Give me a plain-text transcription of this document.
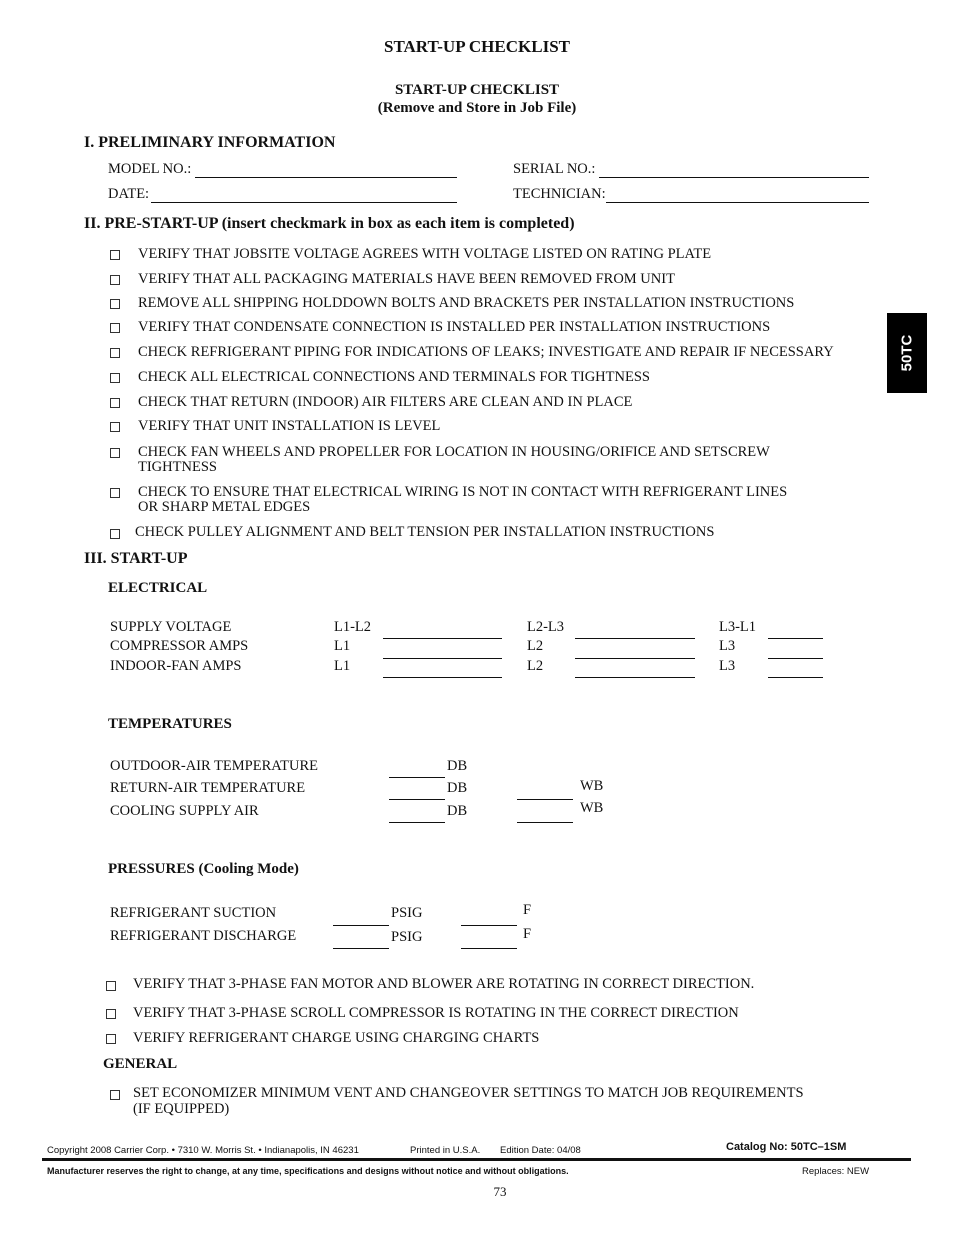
START-UP CHECKLIST
START-UP CHECKLIST
(Remove and Store in Job File)
50TC
I. PRELIMINARY INFORMATION
MODEL NO.:	SERIAL NO.:
DATE:	TECHNICIAN:
II. PRE-START-UP (insert checkmark in box as each item is completed)
VERIFY THAT JOBSITE VOLTAGE AGREES WITH VOLTAGE LISTED ON RATING PLATE
VERIFY THAT ALL PACKAGING MATERIALS HAVE BEEN REMOVED FROM UNIT
REMOVE ALL SHIPPING HOLDDOWN BOLTS AND BRACKETS PER INSTALLATION INSTRUCTIONS
VERIFY THAT CONDENSATE CONNECTION IS INSTALLED PER INSTALLATION INSTRUCTIONS
CHECK REFRIGERANT PIPING FOR INDICATIONS OF LEAKS; INVESTIGATE AND REPAIR IF NECESSARY
CHECK ALL ELECTRICAL CONNECTIONS AND TERMINALS FOR TIGHTNESS
CHECK THAT RETURN (INDOOR) AIR FILTERS ARE CLEAN AND IN PLACE
VERIFY THAT UNIT INSTALLATION IS LEVEL
CHECK FAN WHEELS AND PROPELLER FOR LOCATION IN HOUSING/ORIFICE AND SETSCREW
TIGHTNESS
CHECK TO ENSURE THAT ELECTRICAL WIRING IS NOT IN CONTACT WITH REFRIGERANT LINES
OR SHARP METAL EDGES
CHECK PULLEY ALIGNMENT AND BELT TENSION PER INSTALLATION INSTRUCTIONS
III. START-UP
ELECTRICAL
SUPPLY VOLTAGE	L1-L2	L2-L3	L3-L1
COMPRESSOR AMPS	L1	L2	L3
INDOOR-FAN AMPS	L1	L2	L3
TEMPERATURES
OUTDOOR-AIR TEMPERATURE	DB
RETURN-AIR TEMPERATURE	DB	WB
COOLING SUPPLY AIR	DB	WB
PRESSURES (Cooling Mode)
REFRIGERANT SUCTION	PSIG	F
REFRIGERANT DISCHARGE	PSIG	F
VERIFY THAT 3-PHASE FAN MOTOR AND BLOWER ARE ROTATING IN CORRECT DIRECTION.
VERIFY THAT 3-PHASE SCROLL COMPRESSOR IS ROTATING IN THE CORRECT DIRECTION
VERIFY REFRIGERANT CHARGE USING CHARGING CHARTS
GENERAL
SET ECONOMIZER MINIMUM VENT AND CHANGEOVER SETTINGS TO MATCH JOB REQUIREMENTS
(IF EQUIPPED)
Copyright 2008 Carrier Corp. • 7310 W. Morris St. • Indianapolis, IN 46231	Printed in U.S.A. Edition Date: 04/08	Catalog No: 50TC–1SM
Manufacturer reserves the right to change, at any time, specifications and designs without notice and without obligations.	Replaces: NEW
73
